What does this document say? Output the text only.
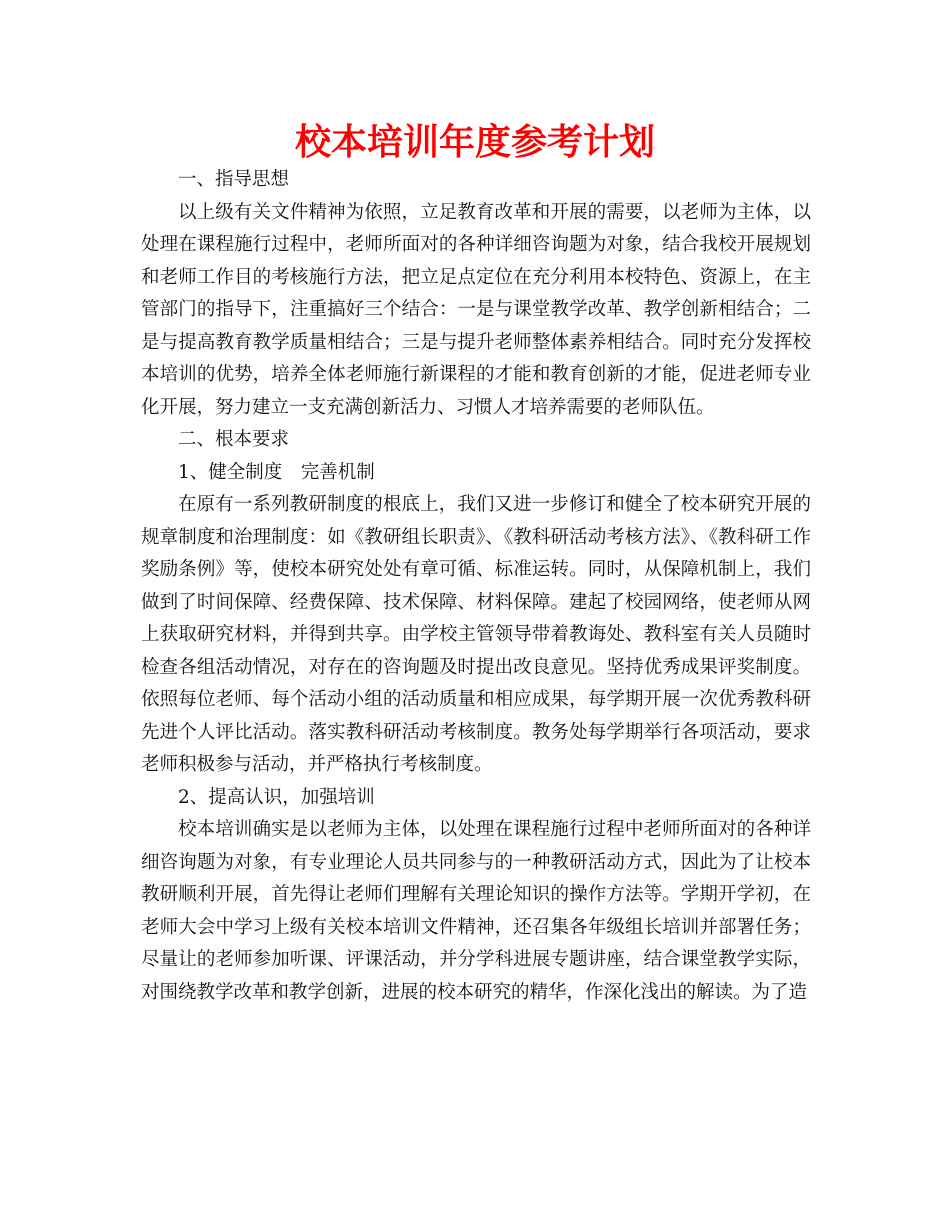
校本培训年度参考计划

一、指导思想

以上级有关文件精神为依照，立足教育改革和开展的需要，以老师为主体，以处理在课程施行过程中，老师所面对的各种详细咨询题为对象，结合我校开展规划和老师工作目的考核施行方法，把立足点定位在充分利用本校特色、资源上，在主管部门的指导下，注重搞好三个结合：一是与课堂教学改革、教学创新相结合；二是与提高教育教学质量相结合；三是与提升老师整体素养相结合。同时充分发挥校本培训的优势，培养全体老师施行新课程的才能和教育创新的才能，促进老师专业化开展，努力建立一支充满创新活力、习惯人才培养需要的老师队伍。

二、根本要求

1、健全制度　完善机制

在原有一系列教研制度的根底上，我们又进一步修订和健全了校本研究开展的规章制度和治理制度：如《教研组长职责》、《教科研活动考核方法》、《教科研工作奖励条例》等，使校本研究处处有章可循、标准运转。同时，从保障机制上，我们做到了时间保障、经费保障、技术保障、材料保障。建起了校园网络，使老师从网上获取研究材料，并得到共享。由学校主管领导带着教诲处、教科室有关人员随时检查各组活动情况，对存在的咨询题及时提出改良意见。坚持优秀成果评奖制度。依照每位老师、每个活动小组的活动质量和相应成果，每学期开展一次优秀教科研先进个人评比活动。落实教科研活动考核制度。教务处每学期举行各项活动，要求老师积极参与活动，并严格执行考核制度。

2、提高认识，加强培训

校本培训确实是以老师为主体，以处理在课程施行过程中老师所面对的各种详细咨询题为对象，有专业理论人员共同参与的一种教研活动方式，因此为了让校本教研顺利开展，首先得让老师们理解有关理论知识的操作方法等。学期开学初，在老师大会中学习上级有关校本培训文件精神，还召集各年级组长培训并部署任务；尽量让的老师参加听课、评课活动，并分学科进展专题讲座，结合课堂教学实际，对围绕教学改革和教学创新，进展的校本研究的精华，作深化浅出的解读。为了造
